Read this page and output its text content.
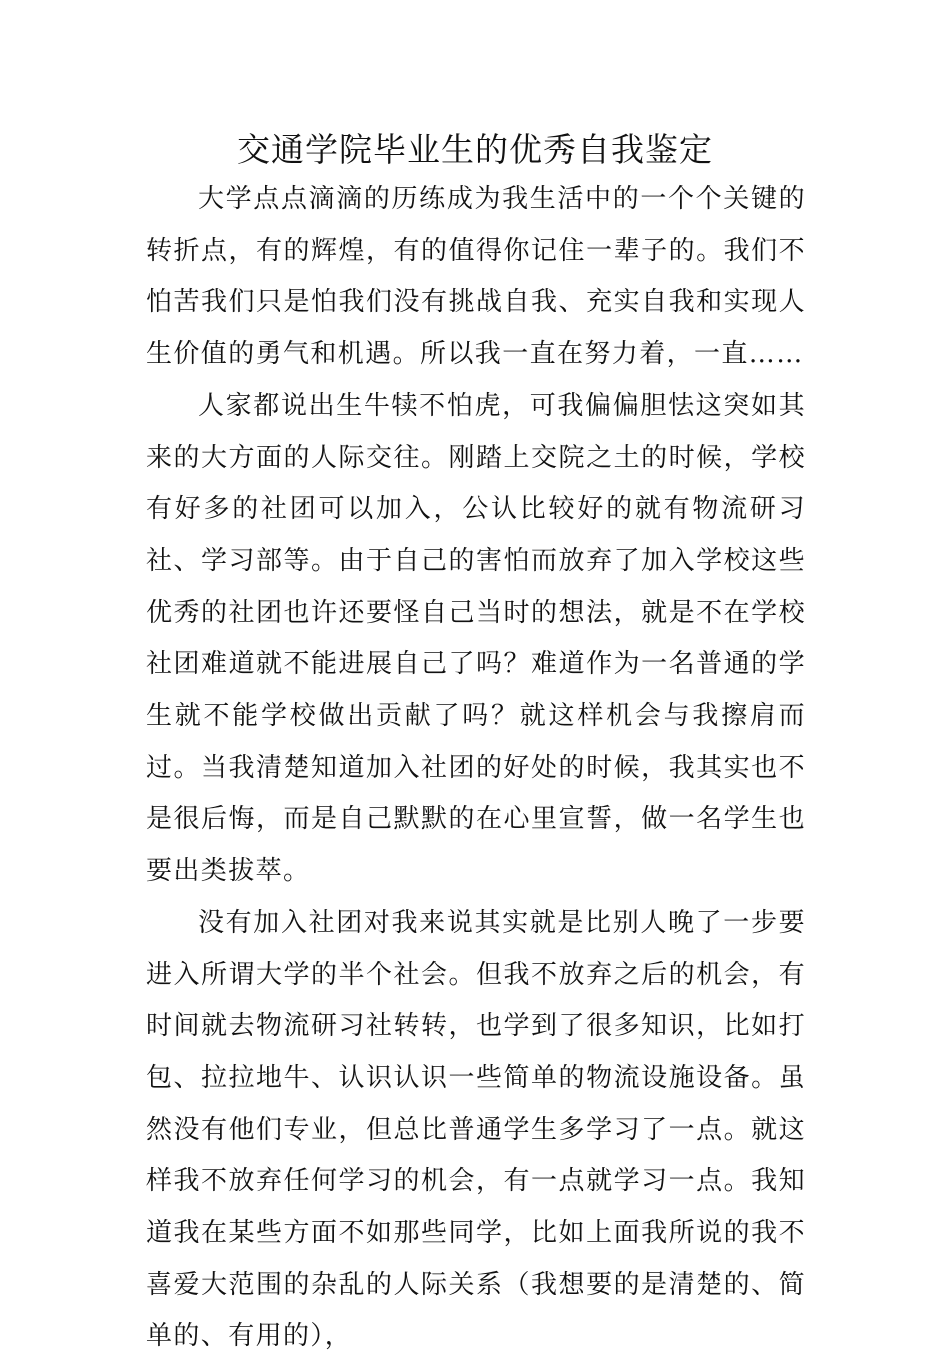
交通学院毕业生的优秀自我鉴定

大学点点滴滴的历练成为我生活中的一个个关键的转折点，有的辉煌，有的值得你记住一辈子的。我们不怕苦我们只是怕我们没有挑战自我、充实自我和实现人生价值的勇气和机遇。所以我一直在努力着，一直……

人家都说出生牛犊不怕虎，可我偏偏胆怯这突如其来的大方面的人际交往。刚踏上交院之土的时候，学校有好多的社团可以加入，公认比较好的就有物流研习社、学习部等。由于自己的害怕而放弃了加入学校这些优秀的社团也许还要怪自己当时的想法，就是不在学校社团难道就不能进展自己了吗？难道作为一名普通的学生就不能学校做出贡献了吗？就这样机会与我擦肩而过。当我清楚知道加入社团的好处的时候，我其实也不是很后悔，而是自己默默的在心里宣誓，做一名学生也要出类拔萃。

没有加入社团对我来说其实就是比别人晚了一步要进入所谓大学的半个社会。但我不放弃之后的机会，有时间就去物流研习社转转，也学到了很多知识，比如打包、拉拉地牛、认识认识一些简单的物流设施设备。虽然没有他们专业，但总比普通学生多学习了一点。就这样我不放弃任何学习的机会，有一点就学习一点。我知道我在某些方面不如那些同学，比如上面我所说的我不喜爱大范围的杂乱的人际关系（我想要的是清楚的、简单的、有用的），
